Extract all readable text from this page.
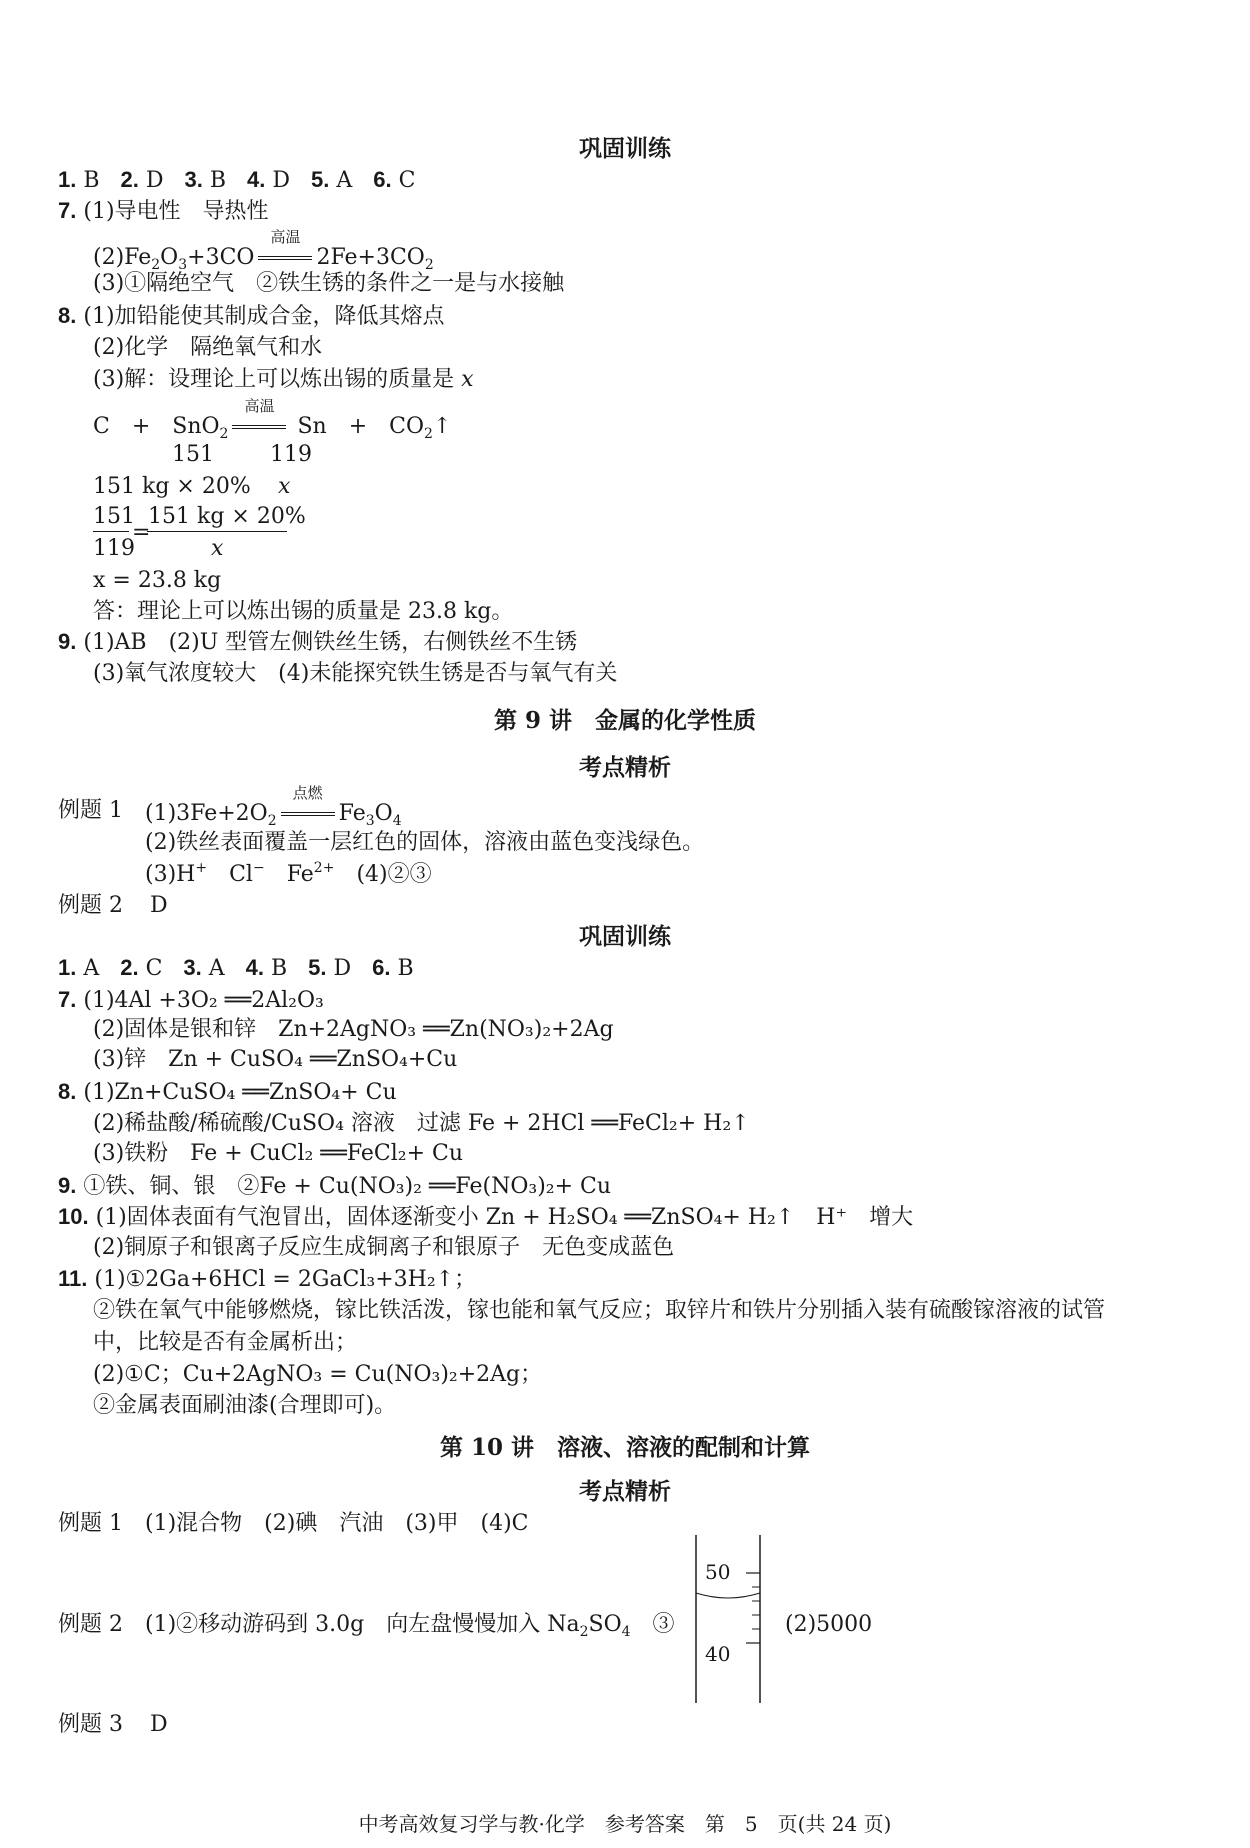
巩固训练
1. B 2. D 3. B 4. D 5. A 6. C
7. (1)导电性　导热性
$(2)Fe_2O_3+3CO$
高温
$2Fe+3CO_2$
(3)①隔绝空气　②铁生锈的条件之一是与水接触
8. (1)加铅能使其制成合金，降低其熔点
(2)化学　隔绝氧气和水
(3)解：设理论上可以炼出锡的质量是 x
C　+　SnO$_2$
高温
Sn　+　$CO_2↑$
151	119
151 kg × 20% x
151
119
=
151 kg × 20%
x
x = 23.8 kg
答：理论上可以炼出锡的质量是 23.8 kg。
9. (1)AB　(2)U 型管左侧铁丝生锈，右侧铁丝不生锈
(3)氧气浓度较大　(4)未能探究铁生锈是否与氧气有关
第 9 讲　金属的化学性质
考点精析
例题 1 $(1)3Fe+2O_2$
点燃
$Fe_3O_4$
(2)铁丝表面覆盖一层红色的固体，溶液由蓝色变浅绿色。
(3)H+　Cl−　$Fe^{2+}$　(4)②③
例题 2 D
巩固训练
1. A 2. C 3. A 4. B 5. D 6. B
7. (1)4Al +3O₂ ══2Al₂O₃
(2)固体是银和锌　Zn+2AgNO₃ ══Zn(NO₃)₂+2Ag
(3)锌　Zn + CuSO₄ ══ZnSO₄+Cu
8. (1)Zn+CuSO₄ ══ZnSO₄+ Cu
(2)稀盐酸/稀硫酸/CuSO₄ 溶液　过滤 Fe + 2HCl ══FeCl₂+ H₂↑
(3)铁粉　Fe + CuCl₂ ══FeCl₂+ Cu
9. ①铁、铜、银　②Fe + Cu(NO₃)₂ ══Fe(NO₃)₂+ Cu
10. (1)固体表面有气泡冒出，固体逐渐变小 Zn + H₂SO₄ ══ZnSO₄+ H₂↑　H⁺　增大
(2)铜原子和银离子反应生成铜离子和银原子　无色变成蓝色
11. (1)①2Ga+6HCl = 2GaCl₃+3H₂↑；
②铁在氧气中能够燃烧，镓比铁活泼，镓也能和氧气反应；取锌片和铁片分别插入装有硫酸镓溶液的试管
中，比较是否有金属析出；
(2)①C；Cu+2AgNO₃ = Cu(NO₃)₂+2Ag；
②金属表面刷油漆(合理即可)。
第 10 讲　溶液、溶液的配制和计算
考点精析
例题 1 (1)混合物　(2)碘　汽油　(3)甲　(4)C
50
40
例题 2 (1)②移动游码到 3.0g　向左盘慢慢加入 $Na_2SO_4$　③	(2)5000
例题 3 D
中考高效复习学与教·化学　参考答案　第　5　页(共 24 页)
